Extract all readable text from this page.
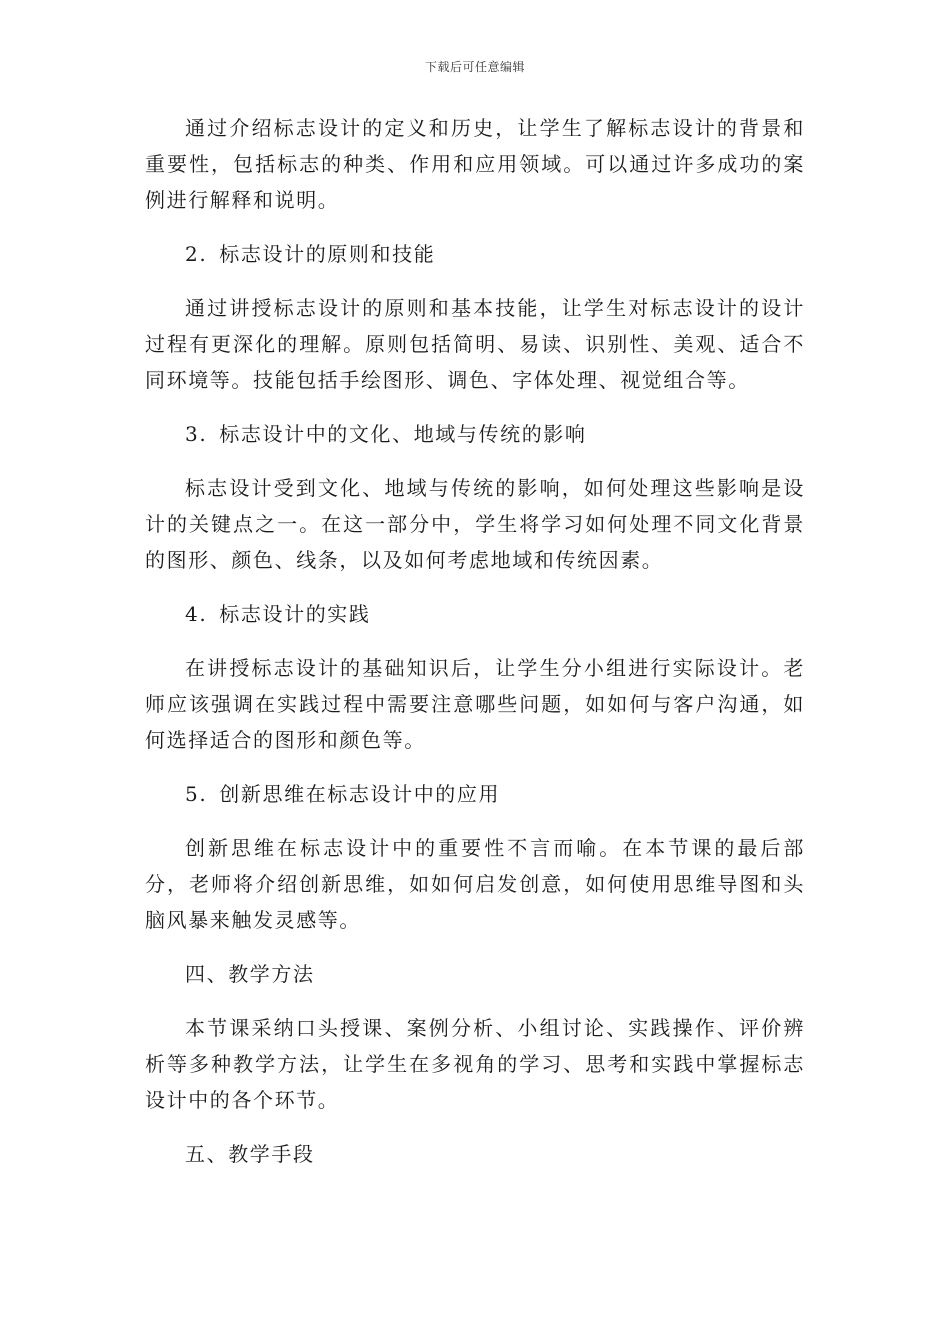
下载后可任意编辑

通过介绍标志设计的定义和历史，让学生了解标志设计的背景和重要性，包括标志的种类、作用和应用领域。可以通过许多成功的案例进行解释和说明。

2. 标志设计的原则和技能

通过讲授标志设计的原则和基本技能，让学生对标志设计的设计过程有更深化的理解。原则包括简明、易读、识别性、美观、适合不同环境等。技能包括手绘图形、调色、字体处理、视觉组合等。

3. 标志设计中的文化、地域与传统的影响

标志设计受到文化、地域与传统的影响，如何处理这些影响是设计的关键点之一。在这一部分中，学生将学习如何处理不同文化背景的图形、颜色、线条，以及如何考虑地域和传统因素。

4. 标志设计的实践

在讲授标志设计的基础知识后，让学生分小组进行实际设计。老师应该强调在实践过程中需要注意哪些问题，如如何与客户沟通，如何选择适合的图形和颜色等。

5. 创新思维在标志设计中的应用

创新思维在标志设计中的重要性不言而喻。在本节课的最后部分，老师将介绍创新思维，如如何启发创意，如何使用思维导图和头脑风暴来触发灵感等。

四、教学方法

本节课采纳口头授课、案例分析、小组讨论、实践操作、评价辨析等多种教学方法，让学生在多视角的学习、思考和实践中掌握标志设计中的各个环节。

五、教学手段
